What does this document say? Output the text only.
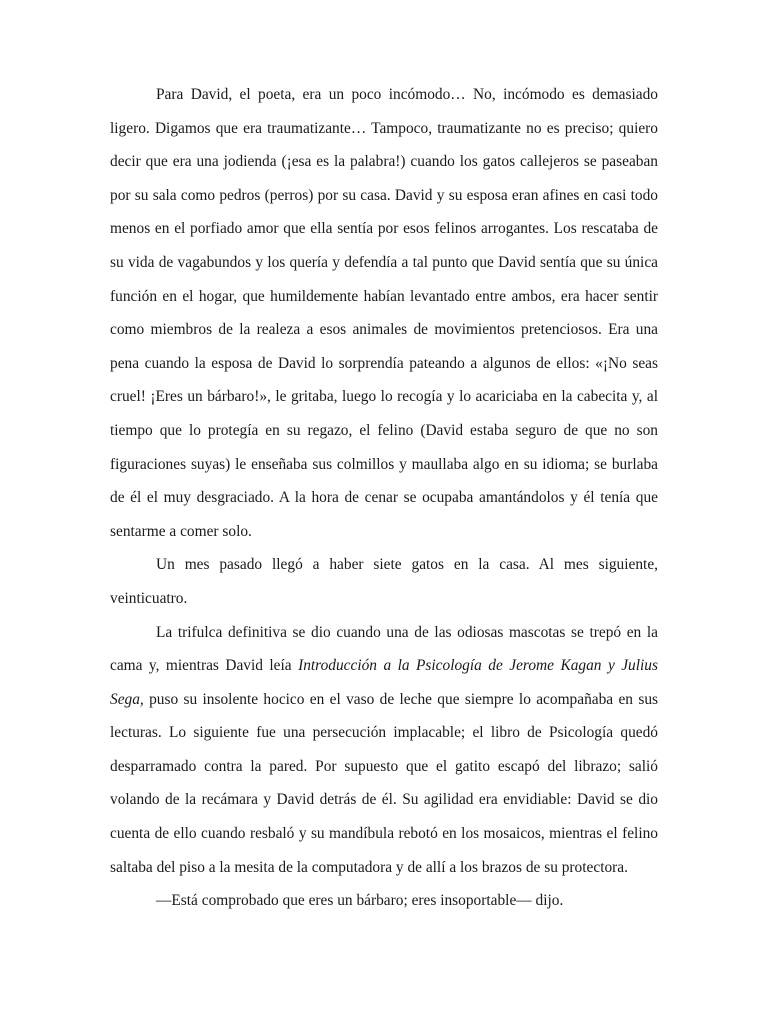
Para David, el poeta, era un poco incómodo… No, incómodo es demasiado ligero. Digamos que era traumatizante… Tampoco, traumatizante no es preciso; quiero decir que era una jodienda (¡esa es la palabra!) cuando los gatos callejeros se paseaban por su sala como pedros (perros) por su casa. David y su esposa eran afines en casi todo menos en el porfiado amor que ella sentía por esos felinos arrogantes. Los rescataba de su vida de vagabundos y los quería y defendía a tal punto que David sentía que su única función en el hogar, que humildemente habían levantado entre ambos, era hacer sentir como miembros de la realeza a esos animales de movimientos pretenciosos. Era una pena cuando la esposa de David lo sorprendía pateando a algunos de ellos: «¡No seas cruel! ¡Eres un bárbaro!», le gritaba, luego lo recogía y lo acariciaba en la cabecita y, al tiempo que lo protegía en su regazo, el felino (David estaba seguro de que no son figuraciones suyas) le enseñaba sus colmillos y maullaba algo en su idioma; se burlaba de él el muy desgraciado. A la hora de cenar se ocupaba amantándolos y él tenía que sentarme a comer solo.

Un mes pasado llegó a haber siete gatos en la casa. Al mes siguiente, veinticuatro.

La trifulca definitiva se dio cuando una de las odiosas mascotas se trepó en la cama y, mientras David leía Introducción a la Psicología de Jerome Kagan y Julius Sega, puso su insolente hocico en el vaso de leche que siempre lo acompañaba en sus lecturas. Lo siguiente fue una persecución implacable; el libro de Psicología quedó desparramado contra la pared. Por supuesto que el gatito escapó del librazo; salió volando de la recámara y David detrás de él. Su agilidad era envidiable: David se dio cuenta de ello cuando resbaló y su mandíbula rebotó en los mosaicos, mientras el felino saltaba del piso a la mesita de la computadora y de allí a los brazos de su protectora.

—Está comprobado que eres un bárbaro; eres insoportable— dijo.
